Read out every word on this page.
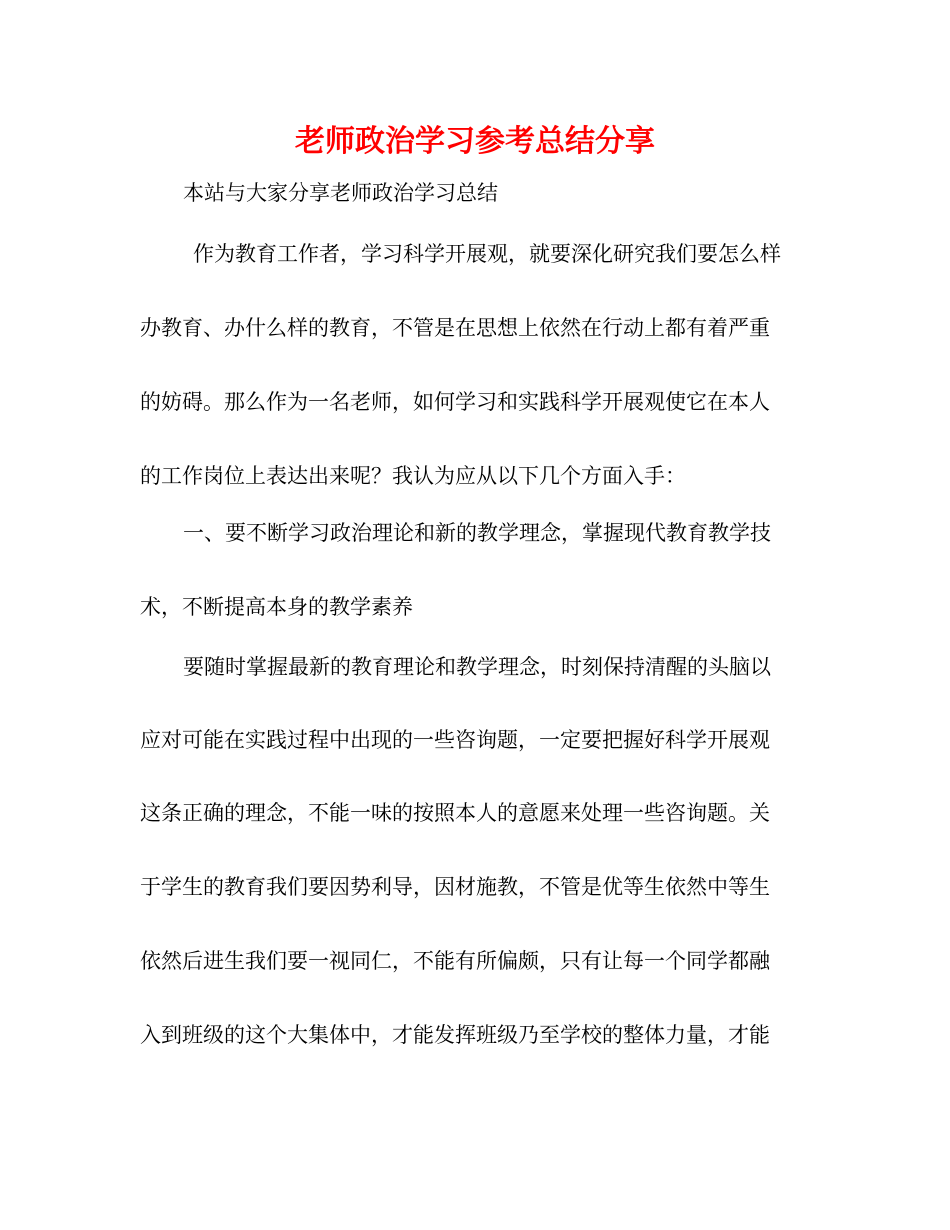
老师政治学习参考总结分享
本站与大家分享老师政治学习总结
作为教育工作者，学习科学开展观，就要深化研究我们要怎么样
办教育、办什么样的教育，不管是在思想上依然在行动上都有着严重
的妨碍。那么作为一名老师，如何学习和实践科学开展观使它在本人
的工作岗位上表达出来呢？我认为应从以下几个方面入手：
一、要不断学习政治理论和新的教学理念，掌握现代教育教学技
术，不断提高本身的教学素养
要随时掌握最新的教育理论和教学理念，时刻保持清醒的头脑以
应对可能在实践过程中出现的一些咨询题，一定要把握好科学开展观
这条正确的理念，不能一味的按照本人的意愿来处理一些咨询题。关
于学生的教育我们要因势利导，因材施教，不管是优等生依然中等生
依然后进生我们要一视同仁，不能有所偏颇，只有让每一个同学都融
入到班级的这个大集体中，才能发挥班级乃至学校的整体力量，才能
